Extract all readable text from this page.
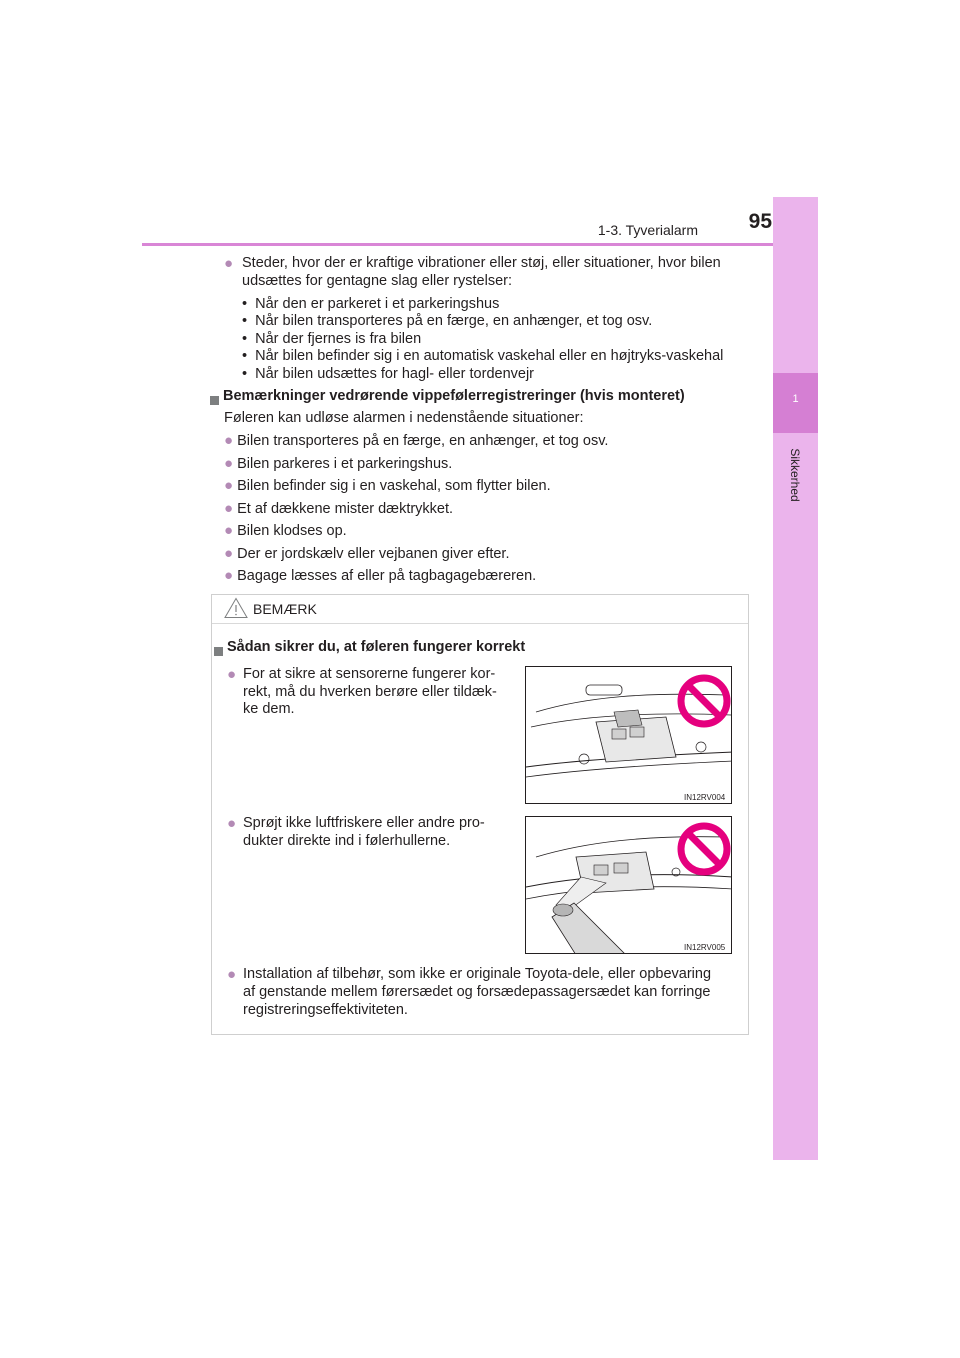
1-3. Tyverialarm	95
1
Sikkerhed
● Steder, hvor der er kraftige vibrationer eller støj, eller situationer, hvor bilen
udsættes for gentagne slag eller rystelser:
•  Når den er parkeret i et parkeringshus
•  Når bilen transporteres på en færge, en anhænger, et tog osv.
•  Når der fjernes is fra bilen
•  Når bilen befinder sig i en automatisk vaskehal eller en højtryks-vaskehal
•  Når bilen udsættes for hagl- eller tordenvejr
Bemærkninger vedrørende vippefølerregistreringer (hvis monteret)
Føleren kan udløse alarmen i nedenstående situationer:
● Bilen transporteres på en færge, en anhænger, et tog osv.
● Bilen parkeres i et parkeringshus.
● Bilen befinder sig i en vaskehal, som flytter bilen.
● Et af dækkene mister dæktrykket.
● Bilen klodses op.
● Der er jordskælv eller vejbanen giver efter.
● Bagage læsses af eller på tagbagagebæreren.
BEMÆRK
Sådan sikrer du, at føleren fungerer korrekt
● For at sikre at sensorerne fungerer kor-
rekt, må du hverken berøre eller tildæk-
ke dem.
IN12RV004
● Sprøjt ikke luftfriskere eller andre pro-
dukter direkte ind i følerhullerne.
IN12RV005
● Installation af tilbehør, som ikke er originale Toyota-dele, eller opbevaring
af genstande mellem førersædet og forsædepassagersædet kan forringe
registreringseffektiviteten.
